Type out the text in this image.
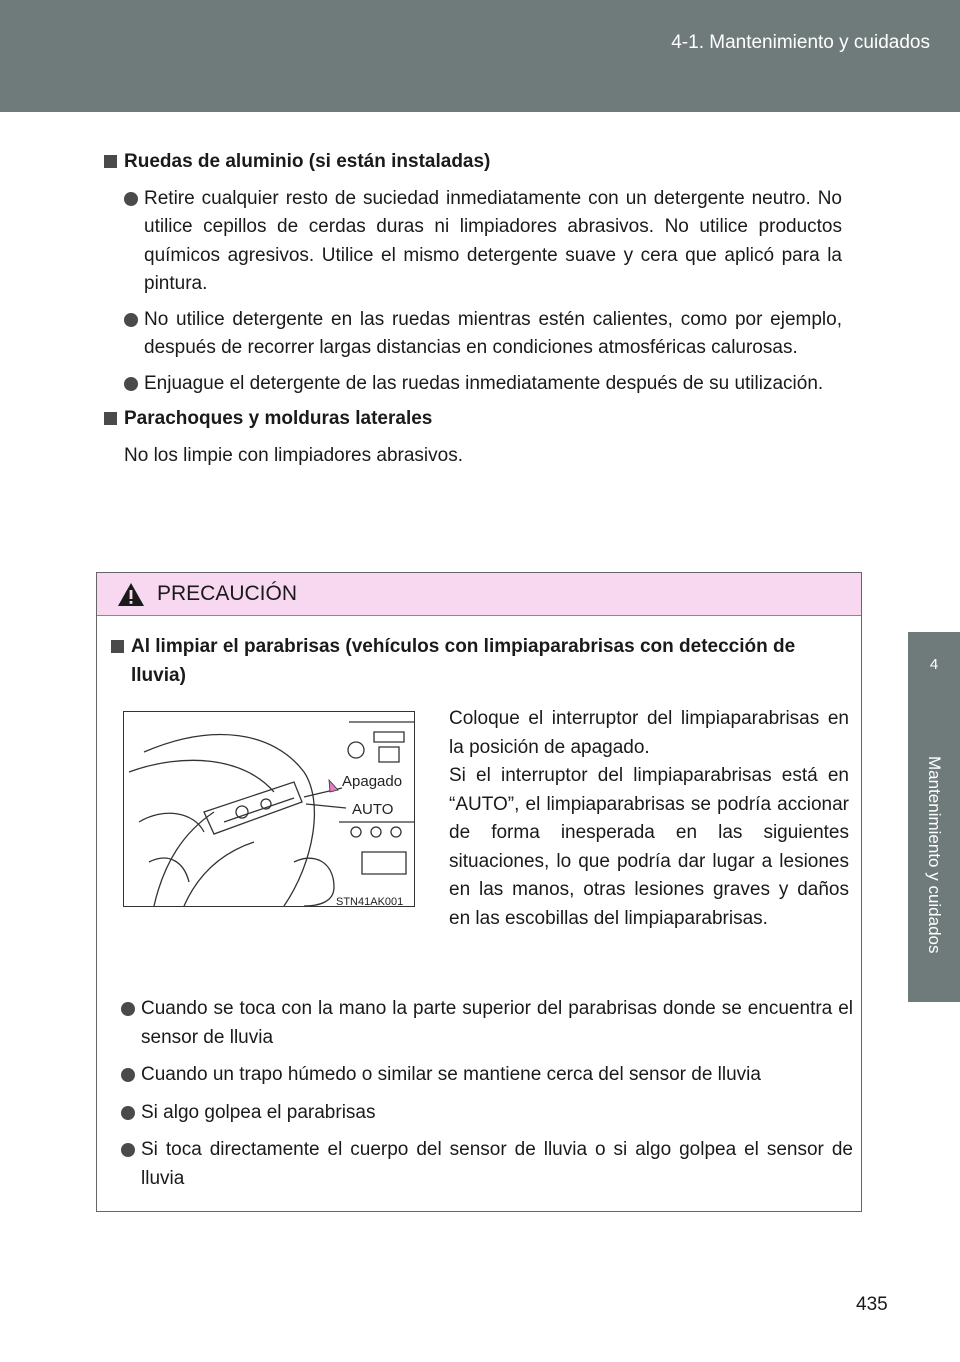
4-1. Mantenimiento y cuidados
4
Mantenimiento y cuidados
Ruedas de aluminio (si están instaladas)
Retire cualquier resto de suciedad inmediatamente con un detergente neutro. No utilice cepillos de cerdas duras ni limpiadores abrasivos. No utilice productos químicos agresivos. Utilice el mismo detergente suave y cera que aplicó para la pintura.
No utilice detergente en las ruedas mientras estén calientes, como por ejemplo, después de recorrer largas distancias en condiciones atmosféricas calurosas.
Enjuague el detergente de las ruedas inmediatamente después de su utilización.
Parachoques y molduras laterales
No los limpie con limpiadores abrasivos.
PRECAUCIÓN
Al limpiar el parabrisas (vehículos con limpiaparabrisas con detección de lluvia)
Apagado
AUTO
STN41AK001
Coloque el interruptor del limpiaparabrisas en la posición de apagado.
Si el interruptor del limpiaparabrisas está en “AUTO”, el limpiaparabrisas se podría accionar de forma inesperada en las siguientes situaciones, lo que podría dar lugar a lesiones en las manos, otras lesiones graves y daños en las escobillas del limpiaparabrisas.
Cuando se toca con la mano la parte superior del parabrisas donde se encuentra el sensor de lluvia
Cuando un trapo húmedo o similar se mantiene cerca del sensor de lluvia
Si algo golpea el parabrisas
Si toca directamente el cuerpo del sensor de lluvia o si algo golpea el sensor de lluvia
435
